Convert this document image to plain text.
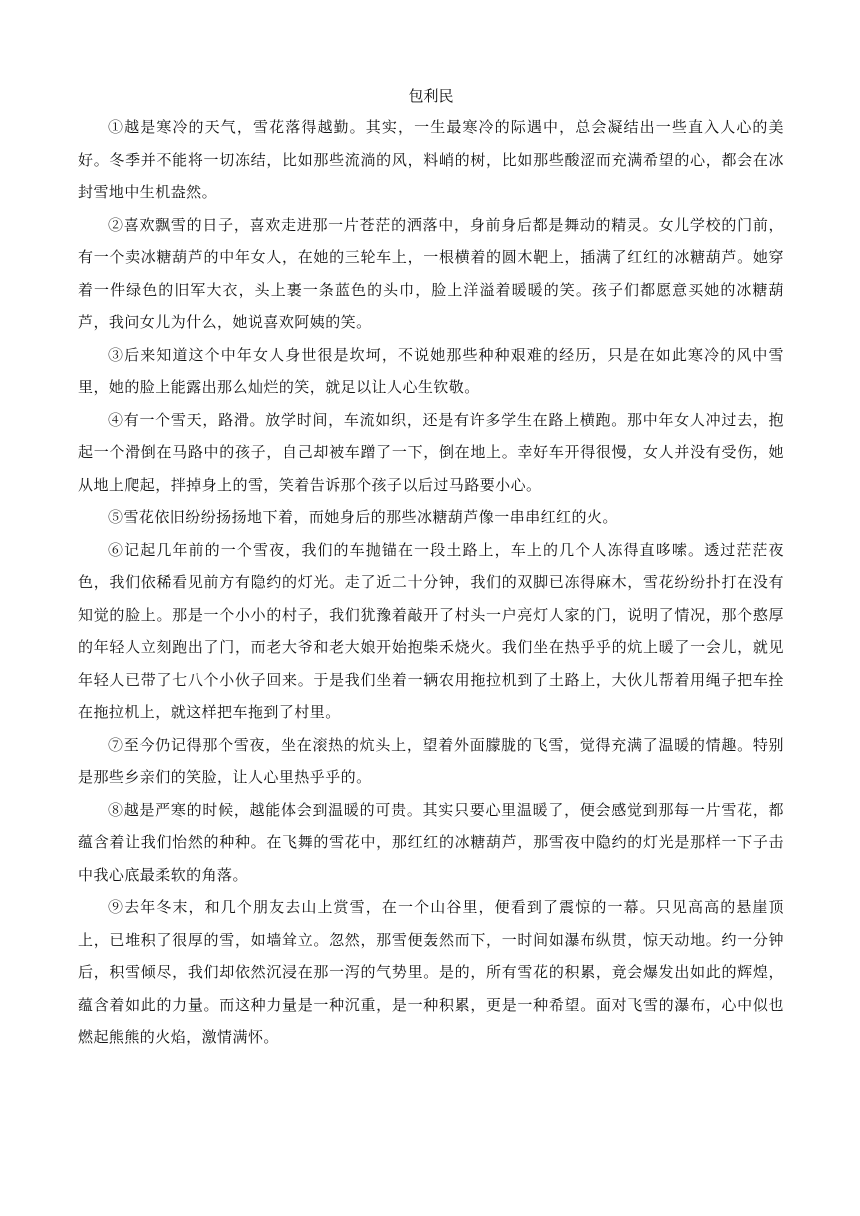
包利民

①越是寒冷的天气，雪花落得越勤。其实，一生最寒冷的际遇中，总会凝结出一些直入人心的美好。冬季并不能将一切冻结，比如那些流淌的风，料峭的树，比如那些酸涩而充满希望的心，都会在冰封雪地中生机盎然。

②喜欢飘雪的日子，喜欢走进那一片苍茫的洒落中，身前身后都是舞动的精灵。女儿学校的门前，有一个卖冰糖葫芦的中年女人，在她的三轮车上，一根横着的圆木靶上，插满了红红的冰糖葫芦。她穿着一件绿色的旧军大衣，头上裹一条蓝色的头巾，脸上洋溢着暖暖的笑。孩子们都愿意买她的冰糖葫芦，我问女儿为什么，她说喜欢阿姨的笑。

③后来知道这个中年女人身世很是坎坷，不说她那些种种艰难的经历，只是在如此寒冷的风中雪里，她的脸上能露出那么灿烂的笑，就足以让人心生钦敬。

④有一个雪天，路滑。放学时间，车流如织，还是有许多学生在路上横跑。那中年女人冲过去，抱起一个滑倒在马路中的孩子，自己却被车蹭了一下，倒在地上。幸好车开得很慢，女人并没有受伤，她从地上爬起，拌掉身上的雪，笑着告诉那个孩子以后过马路要小心。

⑤雪花依旧纷纷扬扬地下着，而她身后的那些冰糖葫芦像一串串红红的火。

⑥记起几年前的一个雪夜，我们的车抛锚在一段土路上，车上的几个人冻得直哆嗦。透过茫茫夜色，我们依稀看见前方有隐约的灯光。走了近二十分钟，我们的双脚已冻得麻木，雪花纷纷扑打在没有知觉的脸上。那是一个小小的村子，我们犹豫着敲开了村头一户亮灯人家的门，说明了情况，那个憨厚的年轻人立刻跑出了门，而老大爷和老大娘开始抱柴禾烧火。我们坐在热乎乎的炕上暖了一会儿，就见年轻人已带了七八个小伙子回来。于是我们坐着一辆农用拖拉机到了土路上，大伙儿帮着用绳子把车拴在拖拉机上，就这样把车拖到了村里。

⑦至今仍记得那个雪夜，坐在滚热的炕头上，望着外面朦胧的飞雪，觉得充满了温暖的情趣。特别是那些乡亲们的笑脸，让人心里热乎乎的。

⑧越是严寒的时候，越能体会到温暖的可贵。其实只要心里温暖了，便会感觉到那每一片雪花，都蕴含着让我们怡然的种种。在飞舞的雪花中，那红红的冰糖葫芦，那雪夜中隐约的灯光是那样一下子击中我心底最柔软的角落。

⑨去年冬末，和几个朋友去山上赏雪，在一个山谷里，便看到了震惊的一幕。只见高高的悬崖顶上，已堆积了很厚的雪，如墙耸立。忽然，那雪便轰然而下，一时间如瀑布纵贯，惊天动地。约一分钟后，积雪倾尽，我们却依然沉浸在那一泻的气势里。是的，所有雪花的积累，竟会爆发出如此的辉煌，蕴含着如此的力量。而这种力量是一种沉重，是一种积累，更是一种希望。面对飞雪的瀑布，心中似也燃起熊熊的火焰，激情满怀。
